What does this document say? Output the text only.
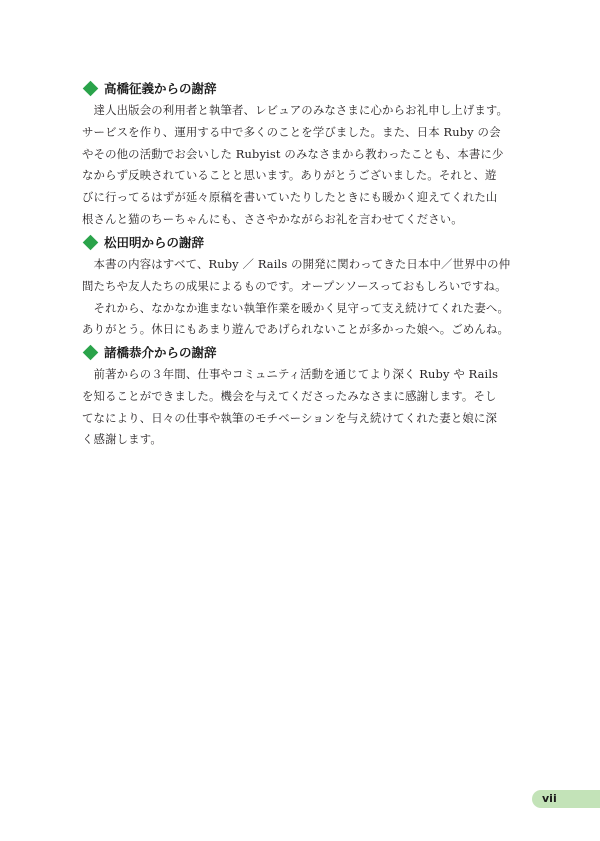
高橋征義からの謝辞

　達人出版会の利用者と執筆者、レビュアのみなさまに心からお礼申し上げます。
サービスを作り、運用する中で多くのことを学びました。また、日本 Ruby の会
やその他の活動でお会いした Rubyist のみなさまから教わったことも、本書に少
なからず反映されていることと思います。ありがとうございました。それと、遊
びに行ってるはずが延々原稿を書いていたりしたときにも暖かく迎えてくれた山
根さんと猫のちーちゃんにも、ささやかながらお礼を言わせてください。

松田明からの謝辞

　本書の内容はすべて、Ruby ／ Rails の開発に関わってきた日本中／世界中の仲
間たちや友人たちの成果によるものです。オープンソースっておもしろいですね。

　それから、なかなか進まない執筆作業を暖かく見守って支え続けてくれた妻へ。
ありがとう。休日にもあまり遊んであげられないことが多かった娘へ。ごめんね。

諸橋恭介からの謝辞

　前著からの３年間、仕事やコミュニティ活動を通じてより深く Ruby や Rails
を知ることができました。機会を与えてくださったみなさまに感謝します。そし
てなにより、日々の仕事や執筆のモチベーションを与え続けてくれた妻と娘に深
く感謝します。

vii
